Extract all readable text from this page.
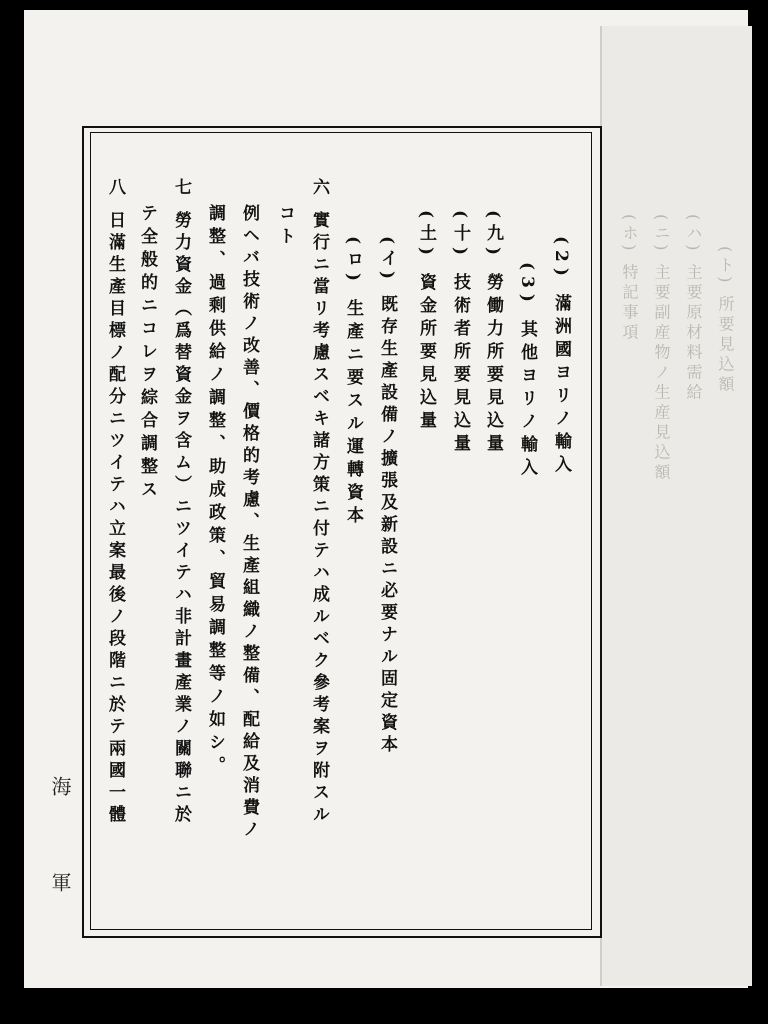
(ト) 所要見込額
(ハ) 主要原材料需給
(ニ) 主要副産物ノ生産見込額
(ホ) 特記事項
(2) 滿洲國ヨリノ輸入
(3) 其他ヨリノ輸入
(九) 勞働力所要見込量
(十) 技術者所要見込量
(土) 資金所要見込量
(イ) 既存生產設備ノ擴張及新設ニ必要ナル固定資本
(ロ) 生產ニ要スル運轉資本
六 實行ニ當リ考慮スベキ諸方策ニ付テハ成ルベク參考案ヲ附スル
コト
例ヘバ技術ノ改善、價格的考慮、生產組織ノ整備、配給及消費ノ
調整、過剩供給ノ調整、助成政策、貿易調整等ノ如シ。
七 勞力資金（爲替資金ヲ含ム）ニツイテハ非計畫產業ノ關聯ニ於
テ全般的ニコレヲ綜合調整ス
八 日滿生產目標ノ配分ニツイテハ立案最後ノ段階ニ於テ兩國一體
海
軍
